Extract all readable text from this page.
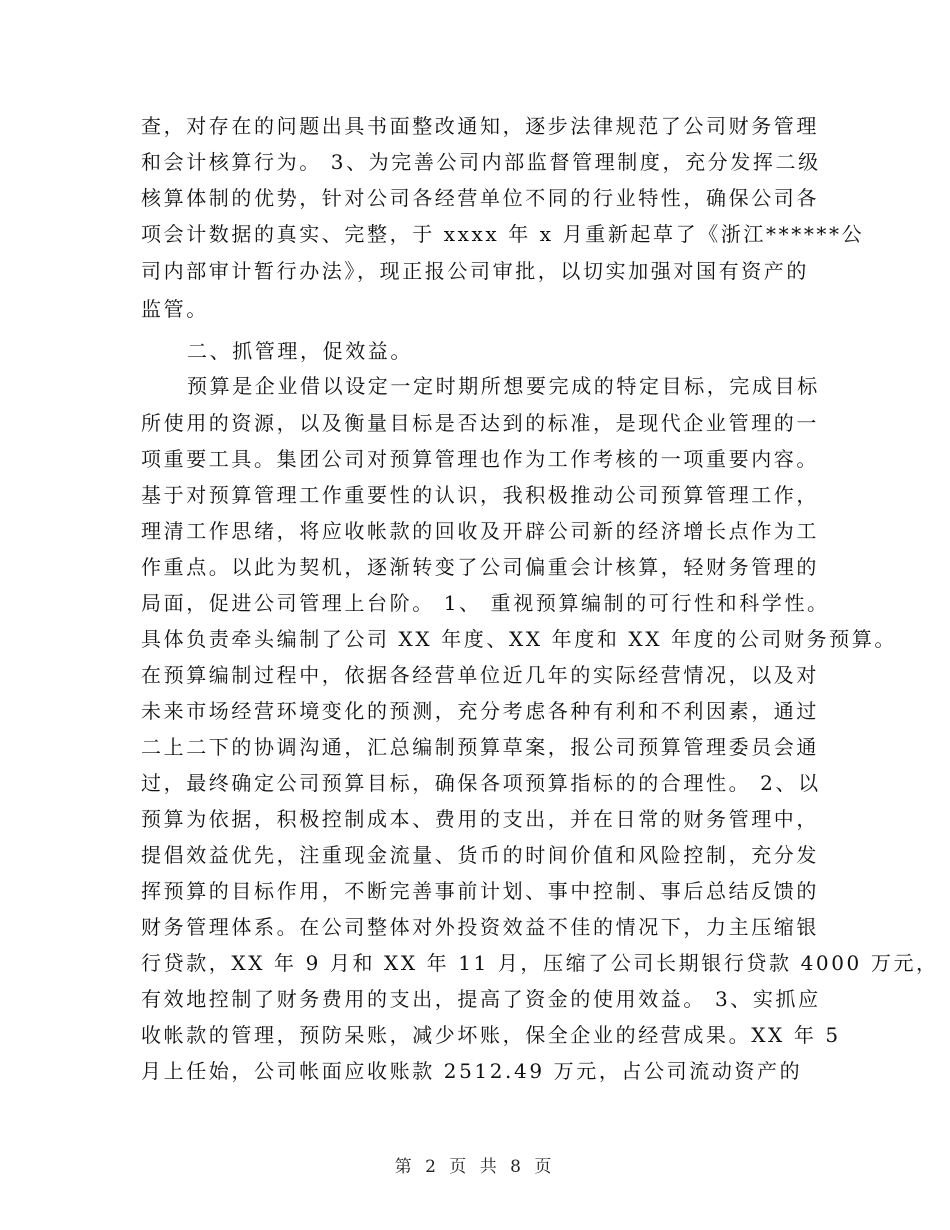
查，对存在的问题出具书面整改通知，逐步法律规范了公司财务管理
和会计核算行为。 3、为完善公司内部监督管理制度，充分发挥二级
核算体制的优势，针对公司各经营单位不同的行业特性，确保公司各
项会计数据的真实、完整，于 xxxx 年 x 月重新起草了《浙江******公
司内部审计暂行办法》，现正报公司审批，以切实加强对国有资产的
监管。
二、抓管理，促效益。
预算是企业借以设定一定时期所想要完成的特定目标，完成目标
所使用的资源，以及衡量目标是否达到的标准，是现代企业管理的一
项重要工具。集团公司对预算管理也作为工作考核的一项重要内容。
基于对预算管理工作重要性的认识，我积极推动公司预算管理工作，
理清工作思绪，将应收帐款的回收及开辟公司新的经济增长点作为工
作重点。以此为契机，逐渐转变了公司偏重会计核算，轻财务管理的
局面，促进公司管理上台阶。 1、 重视预算编制的可行性和科学性。
具体负责牵头编制了公司 XX 年度、XX 年度和 XX 年度的公司财务预算。
在预算编制过程中，依据各经营单位近几年的实际经营情况，以及对
未来市场经营环境变化的预测，充分考虑各种有利和不利因素，通过
二上二下的协调沟通，汇总编制预算草案，报公司预算管理委员会通
过，最终确定公司预算目标，确保各项预算指标的的合理性。 2、以
预算为依据，积极控制成本、费用的支出，并在日常的财务管理中，
提倡效益优先，注重现金流量、货币的时间价值和风险控制，充分发
挥预算的目标作用，不断完善事前计划、事中控制、事后总结反馈的
财务管理体系。在公司整体对外投资效益不佳的情况下，力主压缩银
行贷款，XX 年 9 月和 XX 年 11 月，压缩了公司长期银行贷款 4000 万元，
有效地控制了财务费用的支出，提高了资金的使用效益。 3、实抓应
收帐款的管理，预防呆账，减少坏账，保全企业的经营成果。XX 年 5
月上任始，公司帐面应收账款 2512.49 万元，占公司流动资产的
第 2 页 共 8 页
